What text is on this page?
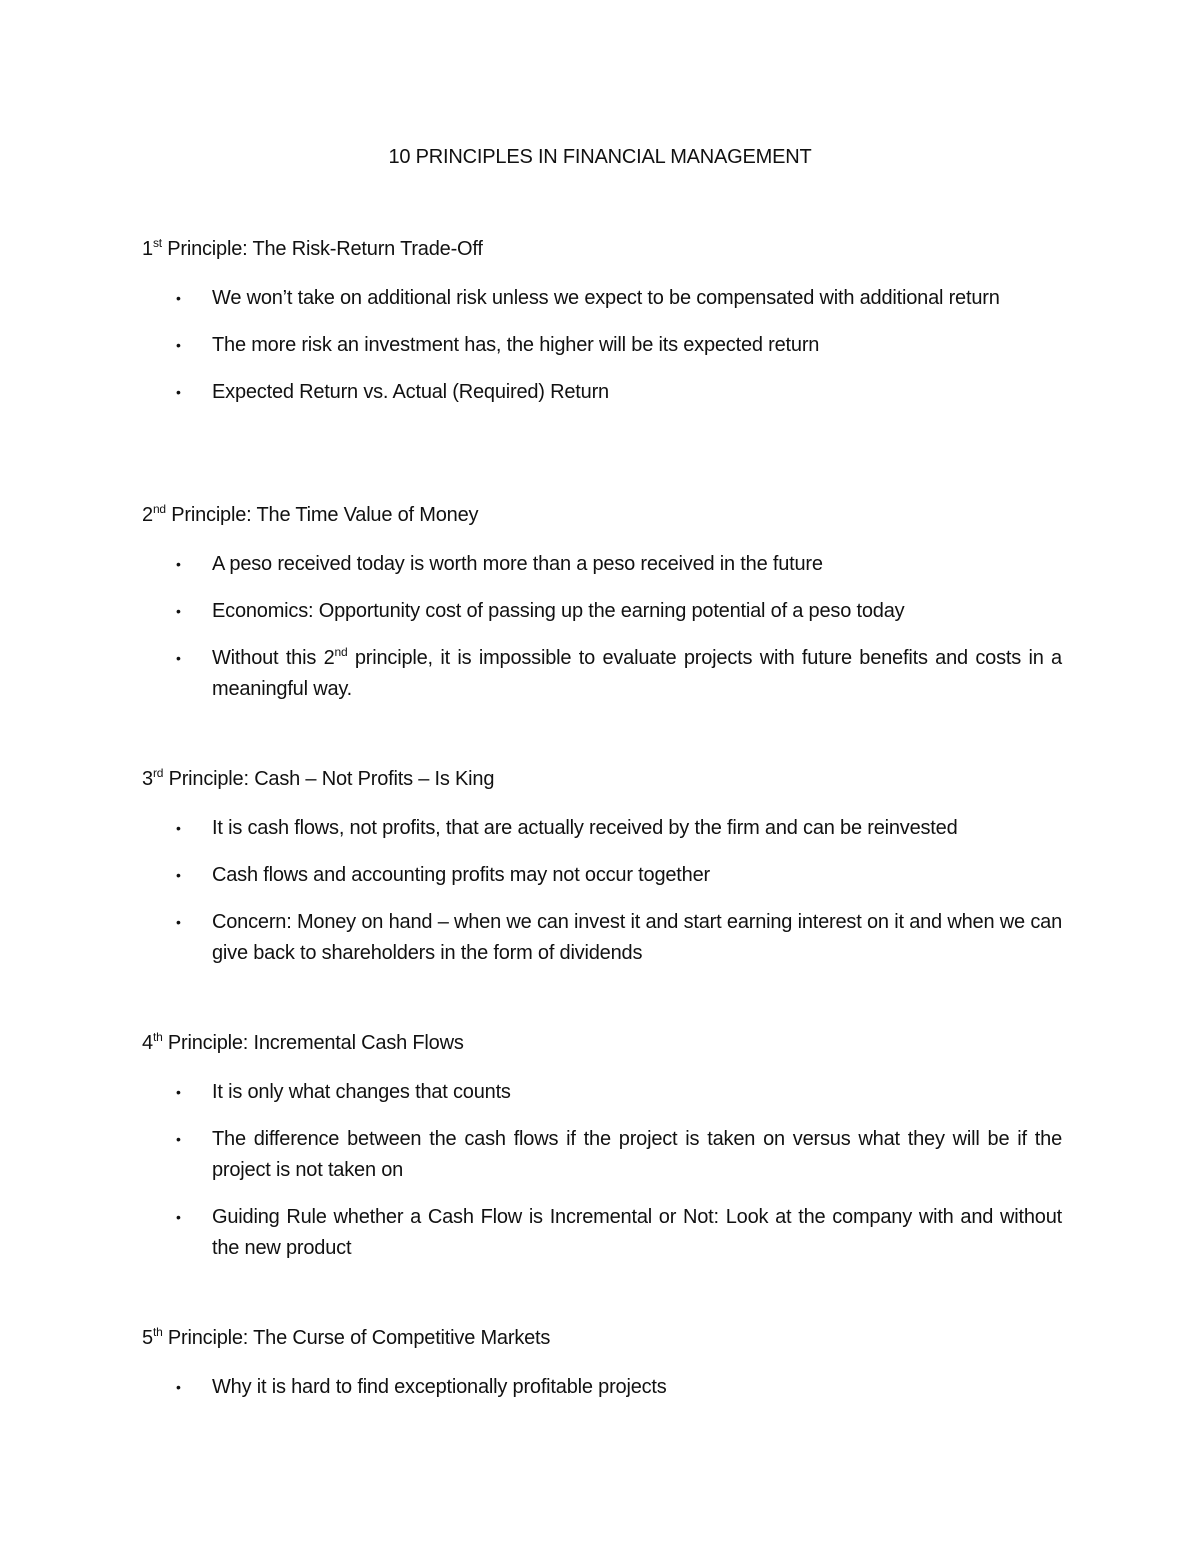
10 PRINCIPLES IN FINANCIAL MANAGEMENT

1st Principle: The Risk-Return Trade-Off

• We won’t take on additional risk unless we expect to be compensated with additional return
• The more risk an investment has, the higher will be its expected return
• Expected Return vs. Actual (Required) Return

2nd Principle: The Time Value of Money

• A peso received today is worth more than a peso received in the future
• Economics: Opportunity cost of passing up the earning potential of a peso today
• Without this 2nd principle, it is impossible to evaluate projects with future benefits and costs in a meaningful way.

3rd Principle: Cash – Not Profits – Is King

• It is cash flows, not profits, that are actually received by the firm and can be reinvested
• Cash flows and accounting profits may not occur together
• Concern: Money on hand – when we can invest it and start earning interest on it and when we can give back to shareholders in the form of dividends

4th Principle: Incremental Cash Flows

• It is only what changes that counts
• The difference between the cash flows if the project is taken on versus what they will be if the project is not taken on
• Guiding Rule whether a Cash Flow is Incremental or Not: Look at the company with and without the new product

5th Principle: The Curse of Competitive Markets

• Why it is hard to find exceptionally profitable projects
